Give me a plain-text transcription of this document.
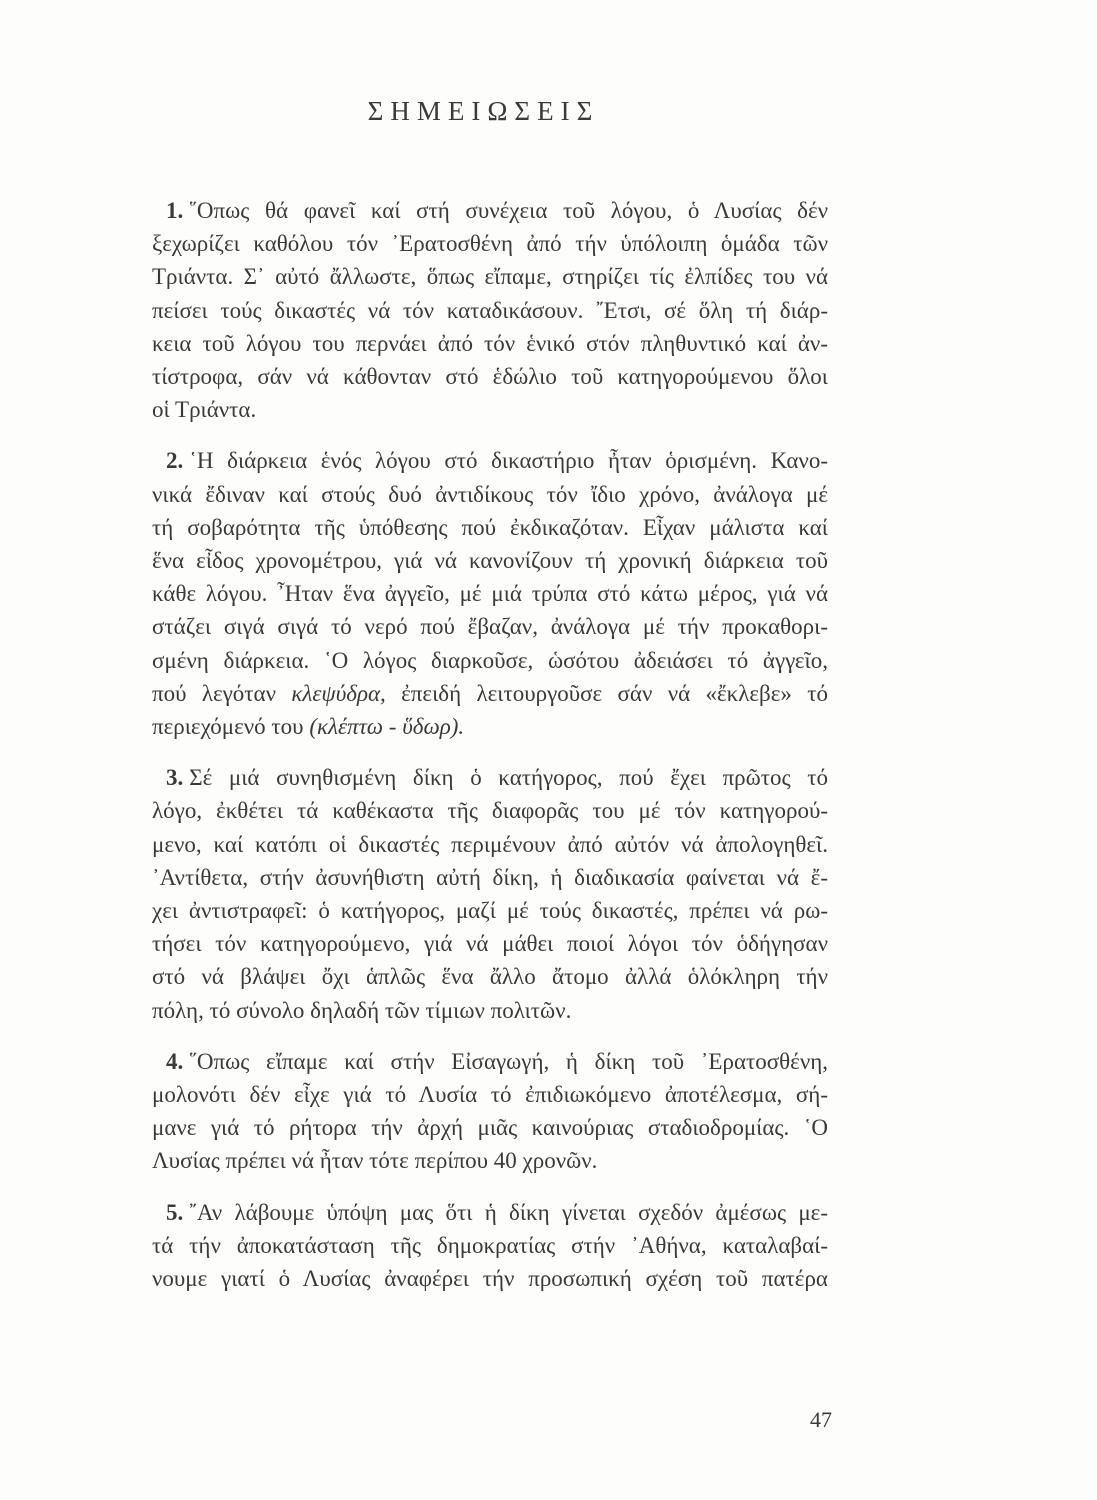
ΣΗΜΕΙΩΣΕΙΣ
1. ῞Οπως θά φανεῖ καί στή συνέχεια τοῦ λόγου, ὁ Λυσίας δέν
ξεχωρίζει καθόλου τόν ᾿Ερατοσθένη ἀπό τήν ὑπόλοιπη ὁμάδα τῶν
Τριάντα. Σ᾿ αὐτό ἄλλωστε, ὅπως εἴπαμε, στηρίζει τίς ἐλπίδες του νά
πείσει τούς δικαστές νά τόν καταδικάσουν. ῎Ετσι, σέ ὅλη τή διάρ-
κεια τοῦ λόγου του περνάει ἀπό τόν ἑνικό στόν πληθυντικό καί ἀν-
τίστροφα, σάν νά κάθονταν στό ἑδώλιο τοῦ κατηγορούμενου ὅλοι
οἱ Τριάντα.
2. ῾Η διάρκεια ἑνός λόγου στό δικαστήριο ἦταν ὁρισμένη. Κανο-
νικά ἔδιναν καί στούς δυό ἀντιδίκους τόν ἴδιο χρόνο, ἀνάλογα μέ
τή σοβαρότητα τῆς ὑπόθεσης πού ἐκδικαζόταν. Εἶχαν μάλιστα καί
ἕνα εἶδος χρονομέτρου, γιά νά κανονίζουν τή χρονική διάρκεια τοῦ
κάθε λόγου. ῏Ηταν ἕνα ἀγγεῖο, μέ μιά τρύπα στό κάτω μέρος, γιά νά
στάζει σιγά σιγά τό νερό πού ἔβαζαν, ἀνάλογα μέ τήν προκαθορι-
σμένη διάρκεια. ῾Ο λόγος διαρκοῦσε, ὡσότου ἀδειάσει τό ἀγγεῖο,
πού λεγόταν κλεψύδρα, ἐπειδή λειτουργοῦσε σάν νά «ἔκλεβε» τό
περιεχόμενό του (κλέπτω - ὕδωρ).
3. Σέ μιά συνηθισμένη δίκη ὁ κατήγορος, πού ἔχει πρῶτος τό
λόγο, ἐκθέτει τά καθέκαστα τῆς διαφορᾶς του μέ τόν κατηγορού-
μενο, καί κατόπι οἱ δικαστές περιμένουν ἀπό αὐτόν νά ἀπολογηθεῖ.
᾿Αντίθετα, στήν ἀσυνήθιστη αὐτή δίκη, ἡ διαδικασία φαίνεται νά ἔ-
χει ἀντιστραφεῖ: ὁ κατήγορος, μαζί μέ τούς δικαστές, πρέπει νά ρω-
τήσει τόν κατηγορούμενο, γιά νά μάθει ποιοί λόγοι τόν ὁδήγησαν
στό νά βλάψει ὄχι ἁπλῶς ἕνα ἄλλο ἄτομο ἀλλά ὁλόκληρη τήν
πόλη, τό σύνολο δηλαδή τῶν τίμιων πολιτῶν.
4. ῞Οπως εἴπαμε καί στήν Εἰσαγωγή, ἡ δίκη τοῦ ᾿Ερατοσθένη,
μολονότι δέν εἶχε γιά τό Λυσία τό ἐπιδιωκόμενο ἀποτέλεσμα, σή-
μανε γιά τό ρήτορα τήν ἀρχή μιᾶς καινούριας σταδιοδρομίας. ῾Ο
Λυσίας πρέπει νά ἦταν τότε περίπου 40 χρονῶν.
5. ῎Αν λάβουμε ὑπόψη μας ὅτι ἡ δίκη γίνεται σχεδόν ἀμέσως με-
τά τήν ἀποκατάσταση τῆς δημοκρατίας στήν ᾿Αθήνα, καταλαβαί-
νουμε γιατί ὁ Λυσίας ἀναφέρει τήν προσωπική σχέση τοῦ πατέρα
47
